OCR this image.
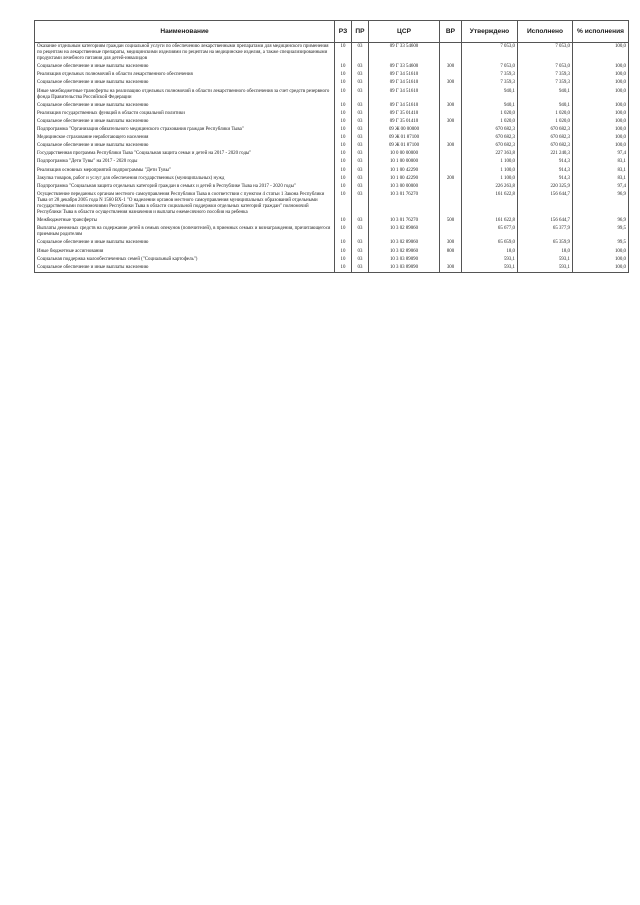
Наименование	РЗ	ПР	ЦСР	ВР	Утверждено	Исполнено	% исполнения
Оказание отдельным категориям граждан социальной услуги по обеспечению лекарственными препаратами для медицинского применения по рецептам на лекарственные препараты, медицинскими изделиями по рецептам на медицинские изделия, а также специализированными продуктами лечебного питания для детей-инвалидов	10	03	09 Г 33 54600		7 053,0	7 053,0	100,0
Социальное обеспечение и иные выплаты населению	10	03	09 Г 33 54600	300	7 053,0	7 053,0	100,0
Реализация отдельных полномочий в области лекарственного обеспечения	10	03	09 Г 34 51610		7 359,3	7 359,3	100,0
Социальное обеспечение и иные выплаты населению	10	03	09 Г 34 51610	300	7 359,3	7 359,3	100,0
Иные межбюджетные трансферты на реализацию отдельных полномочий в области лекарственного обеспечения за счет средств резервного фонда Правительства Российской Федерации	10	03	09 Г 34 51610		940,1	940,1	100,0
Социальное обеспечение и иные выплаты населению	10	03	09 Г 34 51610	300	940,1	940,1	100,0
Реализация государственных функций в области социальной политики	10	03	09 Г 35 01410		1 020,0	1 020,0	100,0
Социальное обеспечение и иные выплаты населению	10	03	09 Г 35 01410	300	1 020,0	1 020,0	100,0
Подпрограмма "Организация обязательного медицинского страхования граждан Республики Тыва"	10	03	09 Ж 00 00000		670 682,3	670 682,3	100,0
Медицинское страхование неработающего населения	10	03	09 Ж 01 87100		670 682,3	670 682,3	100,0
Социальное обеспечение и иные выплаты населению	10	03	09 Ж 01 87100	300	670 682,3	670 682,3	100,0
Государственная программа Республики Тыва "Социальная защита семьи и детей на 2017 - 2020 годы"	10	03	10 0 00 00000		227 363,8	221 240,3	97,4
Подпрограмма "Дети Тувы" на 2017 - 2020 годы	10	03	10 1 00 00000		1 100,0	914,3	83,1
Реализация основных мероприятий подпрограммы "Дети Тувы"	10	03	10 1 00 42290		1 100,0	914,3	83,1
Закупка товаров, работ и услуг для обеспечения государственных (муниципальных) нужд	10	03	10 1 00 42290	200	1 100,0	914,3	83,1
Подпрограмма "Социальная защита отдельных категорий граждан в семьях и детей в Республике Тыва на 2017 - 2020 годы"	10	03	10 3 00 00000		226 263,8	220 325,9	97,4
Осуществление переданных органам местного самоуправления Республики Тыва в соответствии с пунктом 4 статьи 1 Закона Республики Тыва от 28 декабря 2005 года N 1560 ВХ-1 "О наделении органов местного самоуправления муниципальных образований отдельными государственными полномочиями Республики Тыва в области социальной поддержки отдельных категорий граждан" полномочий Республики Тыва в области осуществления назначения и выплаты ежемесячного пособия на ребенка	10	03	10 3 01 76270		161 622,8	156 644,7	96,9
Межбюджетные трансферты	10	03	10 3 01 76270	500	161 622,8	156 644,7	96,9
Выплаты денежных средств на содержание детей в семьях опекунов (попечителей), в приемных семьях и вознаграждения, причитающегося приемным родителям	10	03	10 3 02 89060		65 677,0	65 377,9	99,5
Социальное обеспечение и иные выплаты населению	10	03	10 3 02 89060	300	65 659,0	65 359,9	99,5
Иные бюджетные ассигнования	10	03	10 3 02 89060	800	18,0	18,0	100,0
Социальная поддержка малообеспеченных семей ("Социальный картофель")	10	03	10 3 03 89090		593,1	593,1	100,0
Социальное обеспечение и иные выплаты населению	10	03	10 3 03 89090	300	593,1	593,1	100,0
